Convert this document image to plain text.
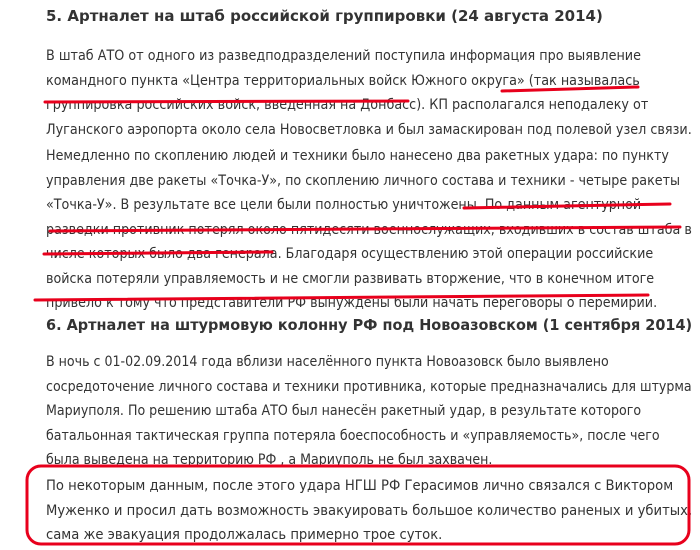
5. Артналет на штаб российской группировки (24 августа 2014)
В штаб АТО от одного из разведподразделений поступила информация про выявление
командного пункта «Центра территориальных войск Южного округа» (так называлась
группировка российских войск, введенная на Донбасс). КП располагался неподалеку от
Луганского аэропорта около села Новосветловка и был замаскирован под полевой узел связи.
Немедленно по скоплению людей и техники было нанесено два ракетных удара: по пункту
управления две ракеты «Точка-У», по скоплению личного состава и техники - четыре ракеты
«Точка-У». В результате все цели были полностью уничтожены. По данным агентурной
разведки противник потерял около пятидесяти военнослужащих, входивших в состав штаба в
числе которых было два генерала. Благодаря осуществлению этой операции российские
войска потеряли управляемость и не смогли развивать вторжение, что в конечном итоге
привело к тому что представители РФ вынуждены были начать переговоры о перемирии.
6. Артналет на штурмовую колонну РФ под Новоазовском (1 сентября 2014)
В ночь с 01-02.09.2014 года вблизи населённого пункта Новоазовск было выявлено
сосредоточение личного состава и техники противника, которые предназначались для штурма
Мариуполя. По решению штаба АТО был нанесён ракетный удар, в результате которого
батальонная тактическая группа потеряла боеспособность и «управляемость», после чего
была выведена на территорию РФ , а Мариуполь не был захвачен.
По некоторым данным, после этого удара НГШ РФ Герасимов лично связался с Виктором
Муженко и просил дать возможность эвакуировать большое количество раненых и убитых,
сама же эвакуация продолжалась примерно трое суток.
